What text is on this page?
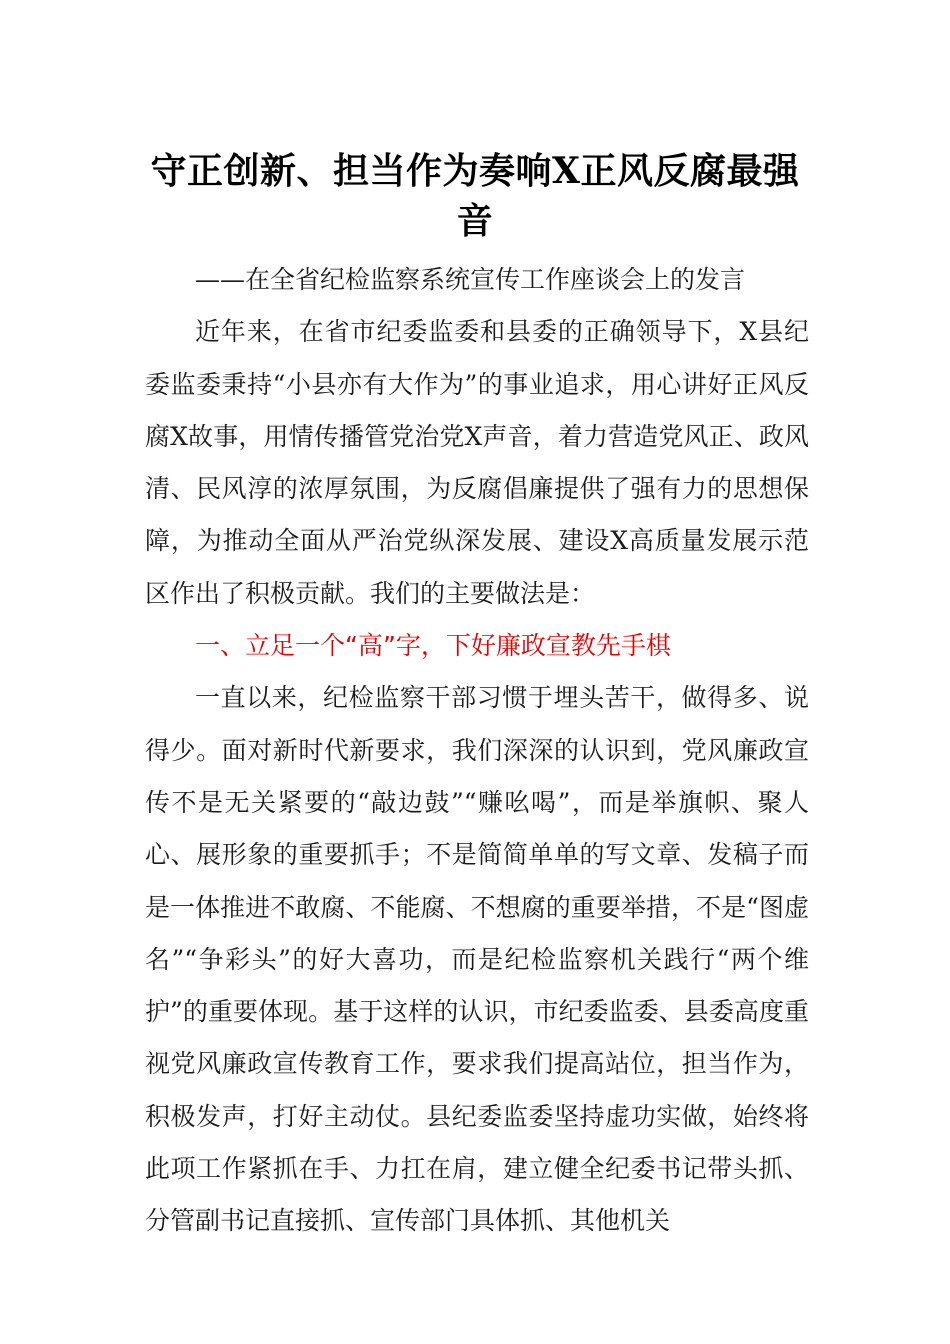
守正创新、担当作为奏响X正风反腐最强音

——在全省纪检监察系统宣传工作座谈会上的发言

近年来，在省市纪委监委和县委的正确领导下，X县纪委监委秉持“小县亦有大作为”的事业追求，用心讲好正风反腐X故事，用情传播管党治党X声音，着力营造党风正、政风清、民风淳的浓厚氛围，为反腐倡廉提供了强有力的思想保障，为推动全面从严治党纵深发展、建设X高质量发展示范区作出了积极贡献。我们的主要做法是：

一、立足一个“高”字，下好廉政宣教先手棋

一直以来，纪检监察干部习惯于埋头苦干，做得多、说得少。面对新时代新要求，我们深深的认识到，党风廉政宣传不是无关紧要的“敲边鼓”“赚吆喝”，而是举旗帜、聚人心、展形象的重要抓手；不是简简单单的写文章、发稿子而是一体推进不敢腐、不能腐、不想腐的重要举措，不是“图虚名”“争彩头”的好大喜功，而是纪检监察机关践行“两个维护”的重要体现。基于这样的认识，市纪委监委、县委高度重视党风廉政宣传教育工作，要求我们提高站位，担当作为，积极发声，打好主动仗。县纪委监委坚持虚功实做，始终将此项工作紧抓在手、力扛在肩，建立健全纪委书记带头抓、分管副书记直接抓、宣传部门具体抓、其他机关
